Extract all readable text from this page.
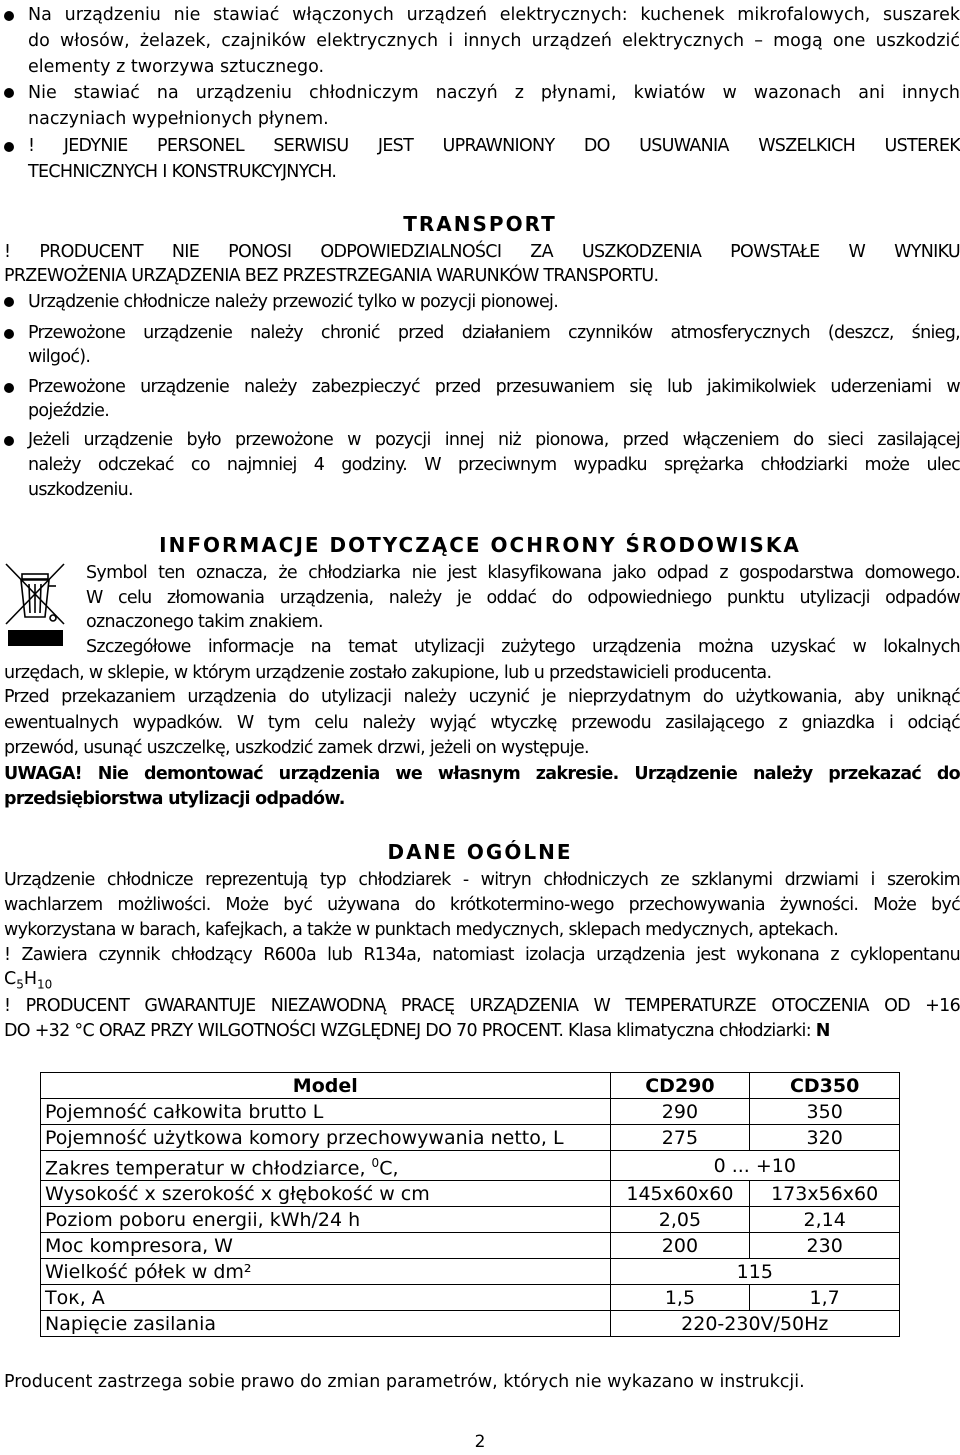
Na urządzeniu nie stawiać włączonych urządzeń elektrycznych: kuchenek mikrofalowych, suszarek
do włosów, żelazek, czajników elektrycznych i innych urządzeń elektrycznych – mogą one uszkodzić
elementy z tworzywa sztucznego.
Nie stawiać na urządzeniu chłodniczym naczyń z płynami, kwiatów w wazonach ani innych
naczyniach wypełnionych płynem.
! JEDYNIE PERSONEL SERWISU JEST UPRAWNIONY DO USUWANIA WSZELKICH USTEREK
TECHNICZNYCH I KONSTRUKCYJNYCH.
TRANSPORT
! PRODUCENT NIE PONOSI ODPOWIEDZIALNOŚCI ZA USZKODZENIA POWSTAŁE W WYNIKU
PRZEWOŻENIA URZĄDZENIA BEZ PRZESTRZEGANIA WARUNKÓW TRANSPORTU.
Urządzenie chłodnicze należy przewozić tylko w pozycji pionowej.
Przewożone urządzenie należy chronić przed działaniem czynników atmosferycznych (deszcz, śnieg,
wilgoć).
Przewożone urządzenie należy zabezpieczyć przed przesuwaniem się lub jakimikolwiek uderzeniami w
pojeździe.
Jeżeli urządzenie było przewożone w pozycji innej niż pionowa, przed włączeniem do sieci zasilającej
należy odczekać co najmniej 4 godziny. W przeciwnym wypadku sprężarka chłodziarki może ulec
uszkodzeniu.
INFORMACJE DOTYCZĄCE OCHRONY ŚRODOWISKA
Symbol ten oznacza, że chłodziarka nie jest klasyfikowana jako odpad z gospodarstwa domowego.
W celu złomowania urządzenia, należy je oddać do odpowiedniego punktu utylizacji odpadów
oznaczonego takim znakiem.
Szczegółowe informacje na temat utylizacji zużytego urządzenia można uzyskać w lokalnych
urzędach, w sklepie, w którym urządzenie zostało zakupione, lub u przedstawicieli producenta.
Przed przekazaniem urządzenia do utylizacji należy uczynić je nieprzydatnym do użytkowania, aby uniknąć
ewentualnych wypadków. W tym celu należy wyjąć wtyczkę przewodu zasilającego z gniazdka i odciąć
przewód, usunąć uszczelkę, uszkodzić zamek drzwi, jeżeli on występuje.
UWAGA! Nie demontować urządzenia we własnym zakresie. Urządzenie należy przekazać do
przedsiębiorstwa utylizacji odpadów.
DANE OGÓLNE
Urządzenie chłodnicze reprezentują typ chłodziarek - witryn chłodniczych ze szklanymi drzwiami i szerokim
wachlarzem możliwości. Może być używana do krótkotermino-wego przechowywania żywności. Może być
wykorzystana w barach, kafejkach, a także w punktach medycznych, sklepach medycznych, aptekach.
! Zawiera czynnik chłodzący R600a lub R134a, natomiast izolacja urządzenia jest wykonana z cyklopentanu
$C_5H_{10}$
! PRODUCENT GWARANTUJE NIEZAWODNĄ PRACĘ URZĄDZENIA W TEMPERATURZE OTOCZENIA OD +16
DO +32 °C ORAZ PRZY WILGOTNOŚCI WZGLĘDNEJ DO 70 PROCENT. Klasa klimatyczna chłodziarki: N
Model	CD290	CD350
Pojemność całkowita brutto L	290	350
Pojemność użytkowa komory przechowywania netto, L	275	320
Zakres temperatur w chłodziarce, $^0$C,	0 ... +10	
Wysokość x szerokość x głębokość w cm	145x60x60	173x56x60
Poziom poboru energii, kWh/24 h	2,05	2,14
Moc kompresora, W	200	230
Wielkość półek w dm²	115	
Ток, А	1,5	1,7
Napięcie zasilania	220-230V/50Hz	
Producent zastrzega sobie prawo do zmian parametrów, których nie wykazano w instrukcji.
2
